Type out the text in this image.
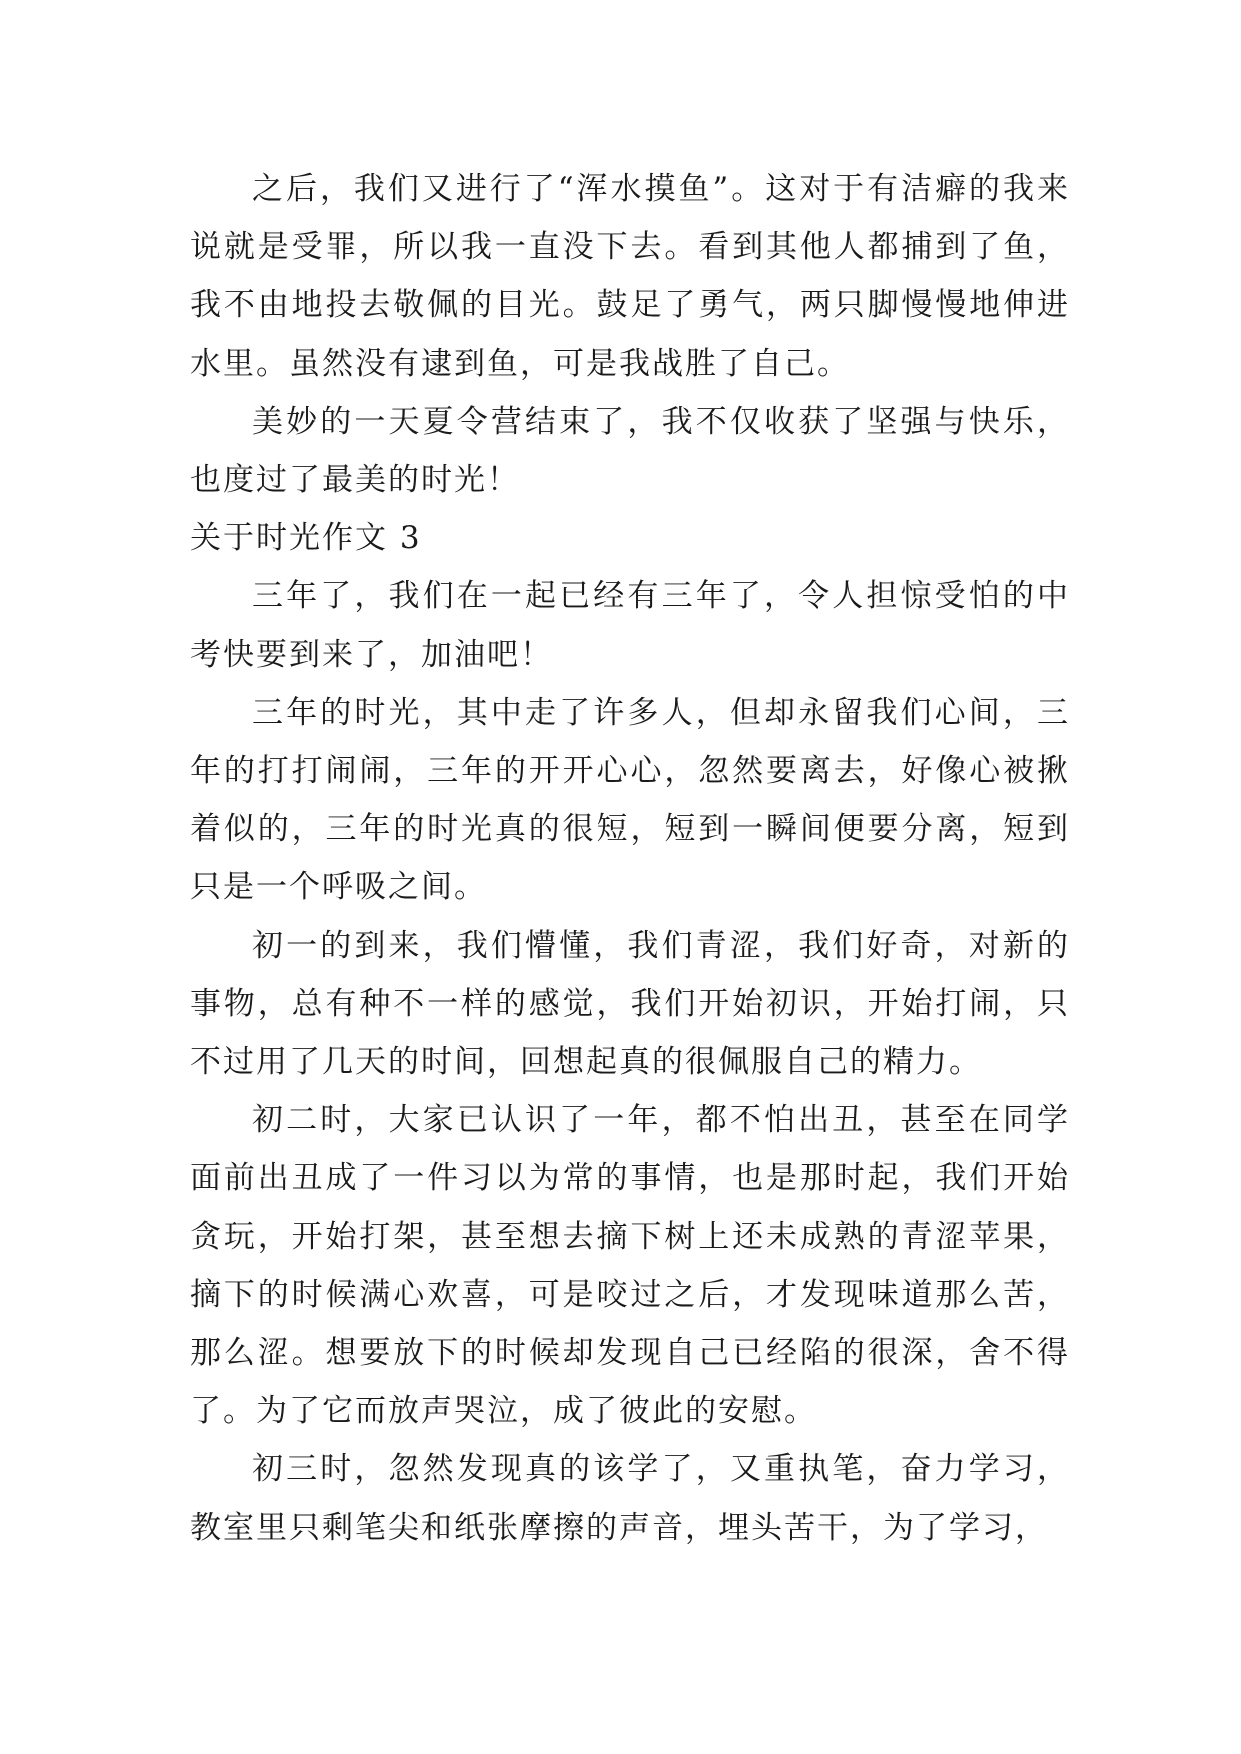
之后，我们又进行了“浑水摸鱼”。这对于有洁癖的我来说就是受罪，所以我一直没下去。看到其他人都捕到了鱼，我不由地投去敬佩的目光。鼓足了勇气，两只脚慢慢地伸进水里。虽然没有逮到鱼，可是我战胜了自己。

美妙的一天夏令营结束了，我不仅收获了坚强与快乐，也度过了最美的时光！

关于时光作文 3

三年了，我们在一起已经有三年了，令人担惊受怕的中考快要到来了，加油吧！

三年的时光，其中走了许多人，但却永留我们心间，三年的打打闹闹，三年的开开心心，忽然要离去，好像心被揪着似的，三年的时光真的很短，短到一瞬间便要分离，短到只是一个呼吸之间。

初一的到来，我们懵懂，我们青涩，我们好奇，对新的事物，总有种不一样的感觉，我们开始初识，开始打闹，只不过用了几天的时间，回想起真的很佩服自己的精力。

初二时，大家已认识了一年，都不怕出丑，甚至在同学面前出丑成了一件习以为常的事情，也是那时起，我们开始贪玩，开始打架，甚至想去摘下树上还未成熟的青涩苹果，摘下的时候满心欢喜，可是咬过之后，才发现味道那么苦，那么涩。想要放下的时候却发现自己已经陷的很深，舍不得了。为了它而放声哭泣，成了彼此的安慰。

初三时，忽然发现真的该学了，又重执笔，奋力学习，教室里只剩笔尖和纸张摩擦的声音，埋头苦干，为了学习，
